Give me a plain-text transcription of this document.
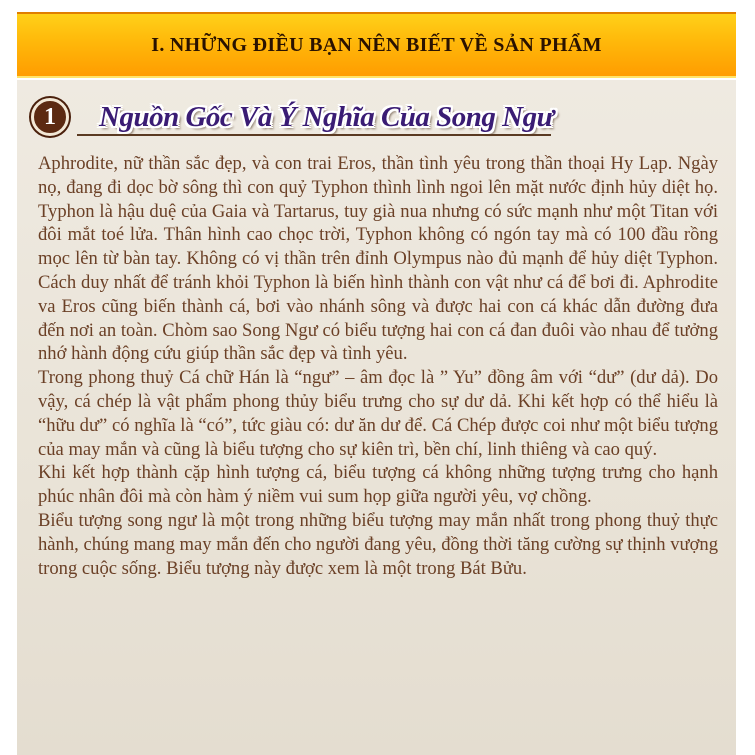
I. NHỮNG ĐIỀU BẠN NÊN BIẾT VỀ SẢN PHẨM
1	Nguồn Gốc Và Ý Nghĩa Của Song Ngư

Aphrodite, nữ thần sắc đẹp, và con trai Eros, thần tình yêu trong thần thoại Hy Lạp. Ngày nọ, đang đi dọc bờ sông thì con quỷ Typhon thình lình ngoi lên mặt nước định hủy diệt họ. Typhon là hậu duệ của Gaia và Tartarus, tuy già nua nhưng có sức mạnh như một Titan với đôi mắt toé lửa. Thân hình cao chọc trời, Typhon không có ngón tay mà có 100 đầu rồng mọc lên từ bàn tay. Không có vị thần trên đỉnh Olympus nào đủ mạnh để hủy diệt Typhon. Cách duy nhất để tránh khỏi Typhon là biến hình thành con vật như cá để bơi đi. Aphrodite va Eros cũng biến thành cá, bơi vào nhánh sông và được hai con cá khác dẫn đường đưa đến nơi an toàn. Chòm sao Song Ngư có biểu tượng hai con cá đan đuôi vào nhau để tưởng nhớ hành động cứu giúp thần sắc đẹp và tình yêu.

Trong phong thuỷ Cá chữ Hán là “ngư” – âm đọc là ” Yu” đồng âm với “dư” (dư dả). Do vậy, cá chép là vật phẩm phong thủy biểu trưng cho sự dư dả. Khi kết hợp có thể hiểu là “hữu dư” có nghĩa là “có”, tức giàu có: dư ăn dư để. Cá Chép được coi như một biểu tượng của may mắn và cũng là biểu tượng cho sự kiên trì, bền chí, linh thiêng và cao quý.

Khi kết hợp thành cặp hình tượng cá, biểu tượng cá không những tượng trưng cho hạnh phúc nhân đôi mà còn hàm ý niềm vui sum họp giữa người yêu, vợ chồng.

Biểu tượng song ngư là một trong những biểu tượng may mắn nhất trong phong thuỷ thực hành, chúng mang may mắn đến cho người đang yêu, đồng thời tăng cường sự thịnh vượng trong cuộc sống. Biểu tượng này được xem là một trong Bát Bửu.
